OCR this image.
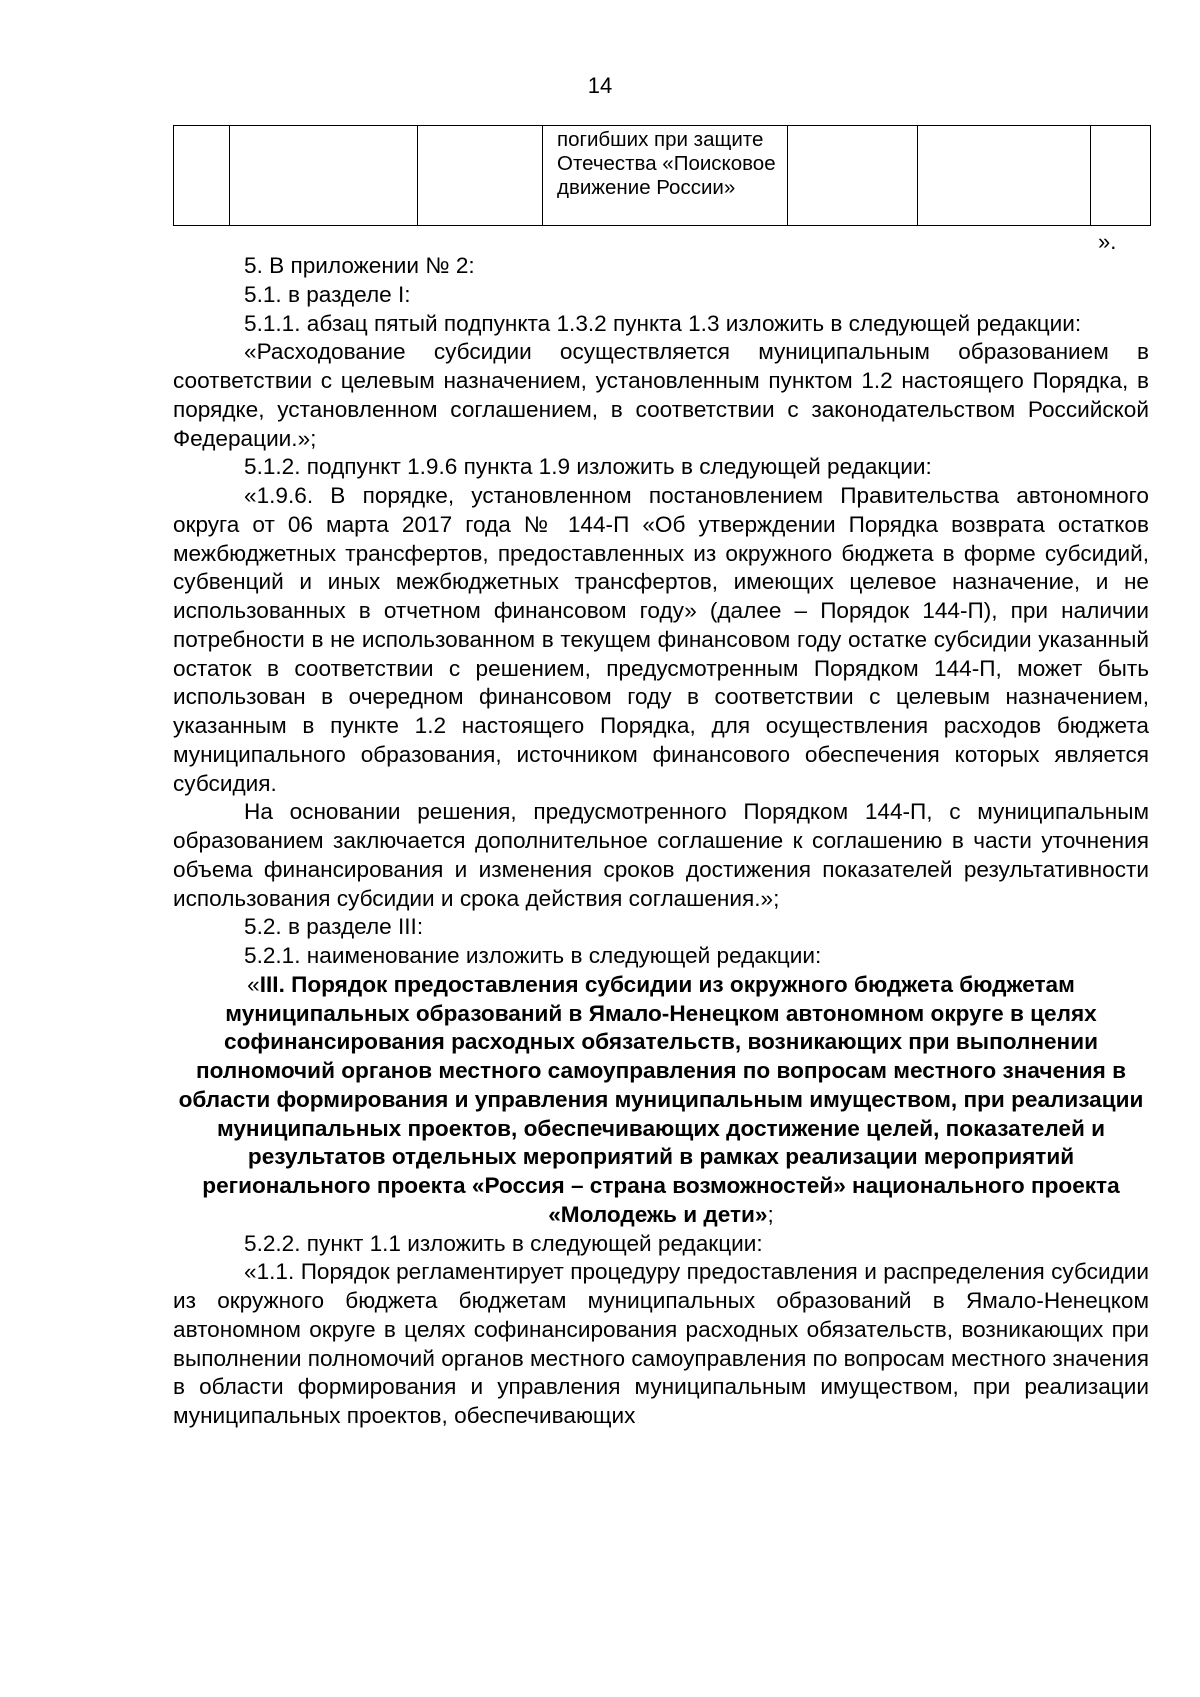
14
			погибших при защите Отечества «Поисковое движение России»			
».

5. В приложении № 2:

5.1. в разделе I:

5.1.1. абзац пятый подпункта 1.3.2 пункта 1.3 изложить в следующей редакции:

«Расходование субсидии осуществляется муниципальным образованием в соответствии с целевым назначением, установленным пунктом 1.2 настоящего Порядка, в порядке, установленном соглашением, в соответствии с законодательством Российской Федерации.»;

5.1.2. подпункт 1.9.6 пункта 1.9 изложить в следующей редакции:

«1.9.6. В порядке, установленном постановлением Правительства автономного округа от 06 марта 2017 года № 144-П «Об утверждении Порядка возврата остатков межбюджетных трансфертов, предоставленных из окружного бюджета в форме субсидий, субвенций и иных межбюджетных трансфертов, имеющих целевое назначение, и не использованных в отчетном финансовом году» (далее – Порядок 144-П), при наличии потребности в не использованном в текущем финансовом году остатке субсидии указанный остаток в соответствии с решением, предусмотренным Порядком 144-П, может быть использован в очередном финансовом году в соответствии с целевым назначением, указанным в пункте 1.2 настоящего Порядка, для осуществления расходов бюджета муниципального образования, источником финансового обеспечения которых является субсидия.

На основании решения, предусмотренного Порядком 144-П, с муниципальным образованием заключается дополнительное соглашение к соглашению в части уточнения объема финансирования и изменения сроков достижения показателей результативности использования субсидии и срока действия соглашения.»;

5.2. в разделе III:

5.2.1. наименование изложить в следующей редакции:

«III. Порядок предоставления субсидии из окружного бюджета бюджетам муниципальных образований в Ямало-Ненецком автономном округе в целях софинансирования расходных обязательств, возникающих при выполнении полномочий органов местного самоуправления по вопросам местного значения в области формирования и управления муниципальным имуществом, при реализации муниципальных проектов, обеспечивающих достижение целей, показателей и результатов отдельных мероприятий в рамках реализации мероприятий регионального проекта «Россия – страна возможностей» национального проекта «Молодежь и дети»;

5.2.2. пункт 1.1 изложить в следующей редакции:

«1.1. Порядок регламентирует процедуру предоставления и распределения субсидии из окружного бюджета бюджетам муниципальных образований в Ямало-Ненецком автономном округе в целях софинансирования расходных обязательств, возникающих при выполнении полномочий органов местного самоуправления по вопросам местного значения в области формирования и управления муниципальным имуществом, при реализации муниципальных проектов, обеспечивающих
